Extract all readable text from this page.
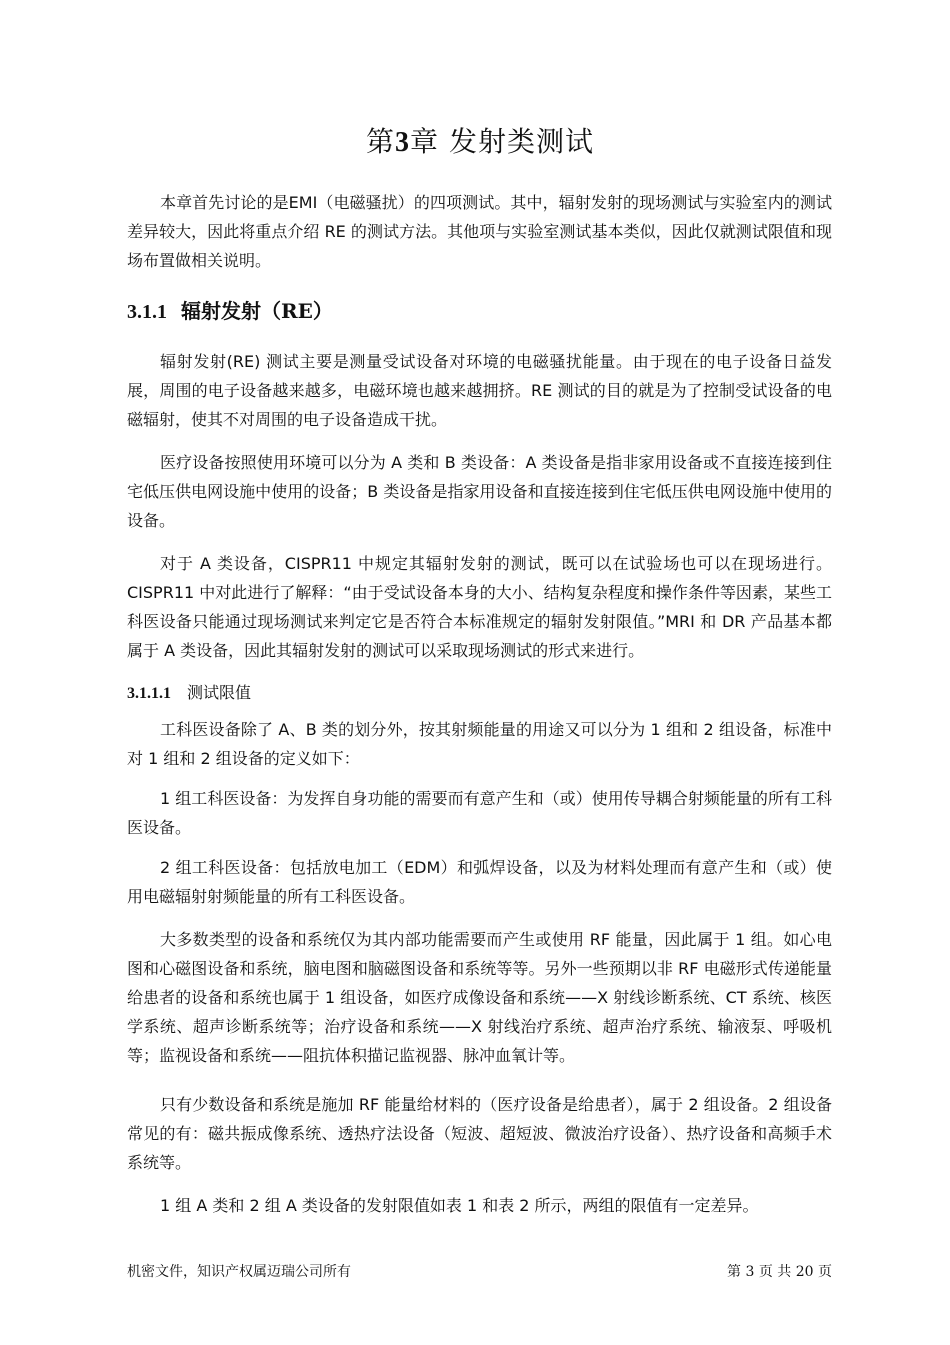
第3章 发射类测试
本章首先讨论的是EMI（电磁骚扰）的四项测试。其中，辐射发射的现场测试与实验室内的测试差异较大，因此将重点介绍 RE 的测试方法。其他项与实验室测试基本类似，因此仅就测试限值和现场布置做相关说明。
3.1.1 辐射发射（RE）
辐射发射(RE) 测试主要是测量受试设备对环境的电磁骚扰能量。由于现在的电子设备日益发展，周围的电子设备越来越多，电磁环境也越来越拥挤。RE 测试的目的就是为了控制受试设备的电磁辐射，使其不对周围的电子设备造成干扰。
医疗设备按照使用环境可以分为 A 类和 B 类设备：A 类设备是指非家用设备或不直接连接到住宅低压供电网设施中使用的设备；B 类设备是指家用设备和直接连接到住宅低压供电网设施中使用的设备。
对于 A 类设备，CISPR11 中规定其辐射发射的测试，既可以在试验场也可以在现场进行。CISPR11 中对此进行了解释：“由于受试设备本身的大小、结构复杂程度和操作条件等因素，某些工科医设备只能通过现场测试来判定它是否符合本标准规定的辐射发射限值。”MRI 和 DR 产品基本都属于 A 类设备，因此其辐射发射的测试可以采取现场测试的形式来进行。
3.1.1.1 测试限值
工科医设备除了 A、B 类的划分外，按其射频能量的用途又可以分为 1 组和 2 组设备，标准中对 1 组和 2 组设备的定义如下：
1 组工科医设备：为发挥自身功能的需要而有意产生和（或）使用传导耦合射频能量的所有工科医设备。
2 组工科医设备：包括放电加工（EDM）和弧焊设备，以及为材料处理而有意产生和（或）使用电磁辐射射频能量的所有工科医设备。
大多数类型的设备和系统仅为其内部功能需要而产生或使用 RF 能量，因此属于 1 组。如心电图和心磁图设备和系统，脑电图和脑磁图设备和系统等等。另外一些预期以非 RF 电磁形式传递能量给患者的设备和系统也属于 1 组设备，如医疗成像设备和系统——X 射线诊断系统、CT 系统、核医学系统、超声诊断系统等；治疗设备和系统——X 射线治疗系统、超声治疗系统、输液泵、呼吸机等；监视设备和系统——阻抗体积描记监视器、脉冲血氧计等。
只有少数设备和系统是施加 RF 能量给材料的（医疗设备是给患者），属于 2 组设备。2 组设备常见的有：磁共振成像系统、透热疗法设备（短波、超短波、微波治疗设备）、热疗设备和高频手术系统等。
1 组 A 类和 2 组 A 类设备的发射限值如表 1 和表 2 所示，两组的限值有一定差异。
机密文件，知识产权属迈瑞公司所有	第 3 页 共 20 页
